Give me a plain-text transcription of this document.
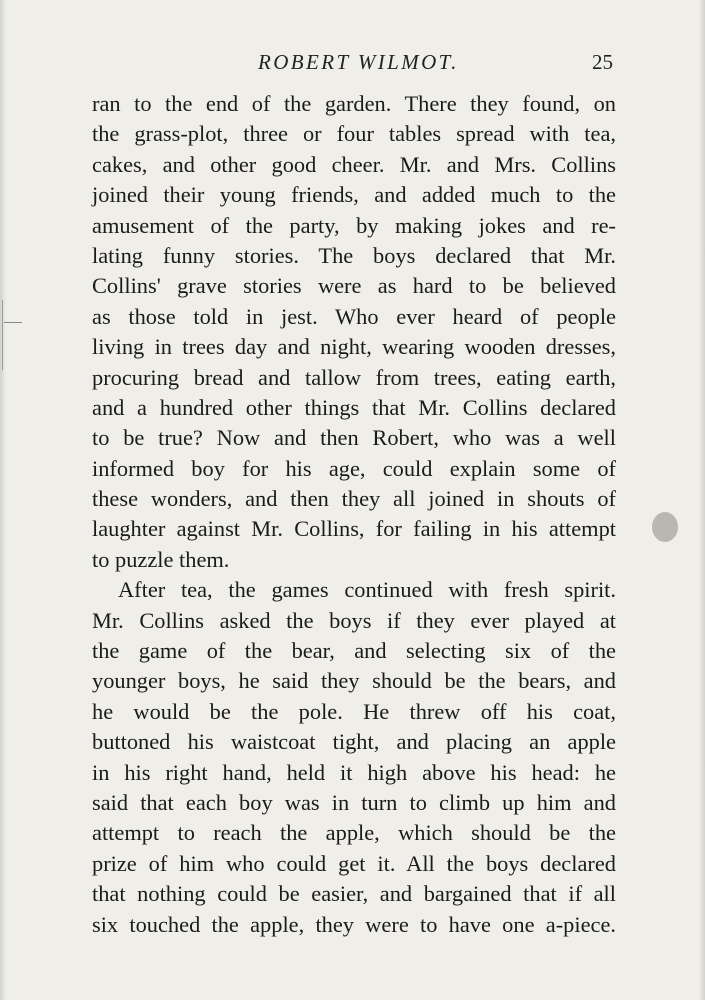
ROBERT WILMOT.	25
ran to the end of the garden. There they found, on
the grass-plot, three or four tables spread with tea,
cakes, and other good cheer. Mr. and Mrs. Collins
joined their young friends, and added much to the
amusement of the party, by making jokes and re-
lating funny stories. The boys declared that Mr.
Collins' grave stories were as hard to be believed
as those told in jest. Who ever heard of people
living in trees day and night, wearing wooden dresses,
procuring bread and tallow from trees, eating earth,
and a hundred other things that Mr. Collins declared
to be true? Now and then Robert, who was a well
informed boy for his age, could explain some of
these wonders, and then they all joined in shouts of
laughter against Mr. Collins, for failing in his attempt
to puzzle them.
After tea, the games continued with fresh spirit.
Mr. Collins asked the boys if they ever played at
the game of the bear, and selecting six of the
younger boys, he said they should be the bears, and
he would be the pole. He threw off his coat,
buttoned his waistcoat tight, and placing an apple
in his right hand, held it high above his head: he
said that each boy was in turn to climb up him and
attempt to reach the apple, which should be the
prize of him who could get it. All the boys declared
that nothing could be easier, and bargained that if all
six touched the apple, they were to have one a-piece.
